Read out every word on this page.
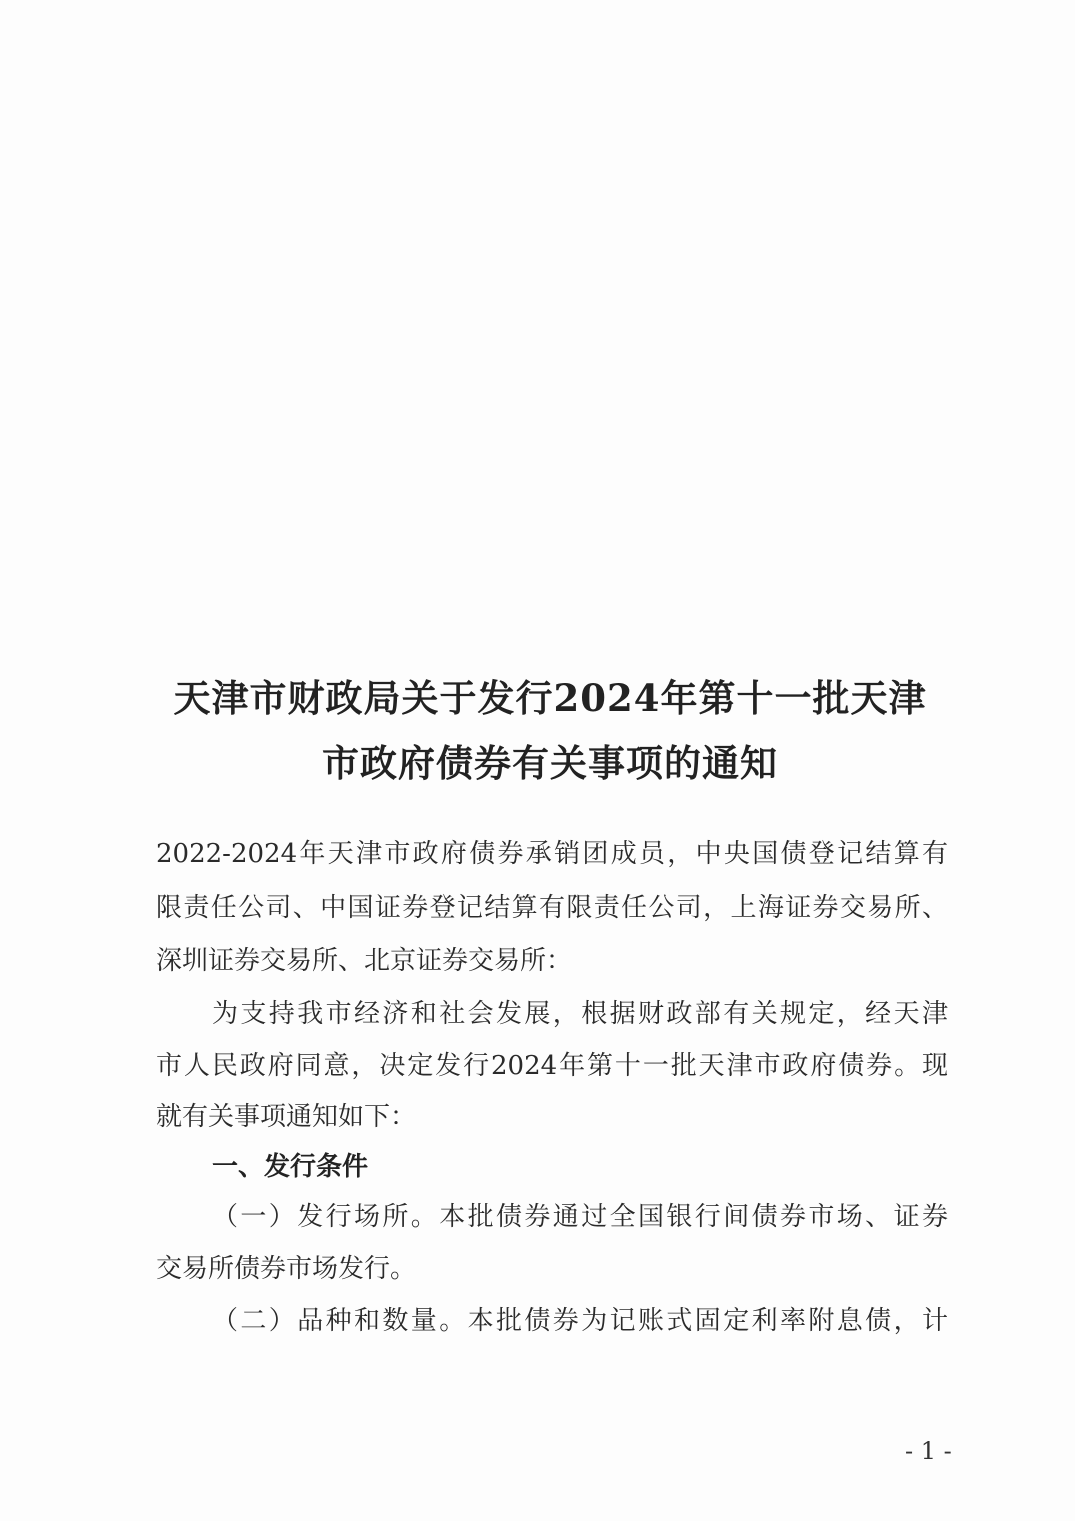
天津市财政局关于发行2024年第十一批天津
市政府债券有关事项的通知
2022-2024年天津市政府债券承销团成员，中央国债登记结算有
限责任公司、中国证券登记结算有限责任公司，上海证券交易所、
深圳证券交易所、北京证券交易所：
为支持我市经济和社会发展，根据财政部有关规定，经天津
市人民政府同意，决定发行2024年第十一批天津市政府债券。现
就有关事项通知如下：
一、发行条件
（一）发行场所。本批债券通过全国银行间债券市场、证券
交易所债券市场发行。
（二）品种和数量。本批债券为记账式固定利率附息债，计
- 1 -
